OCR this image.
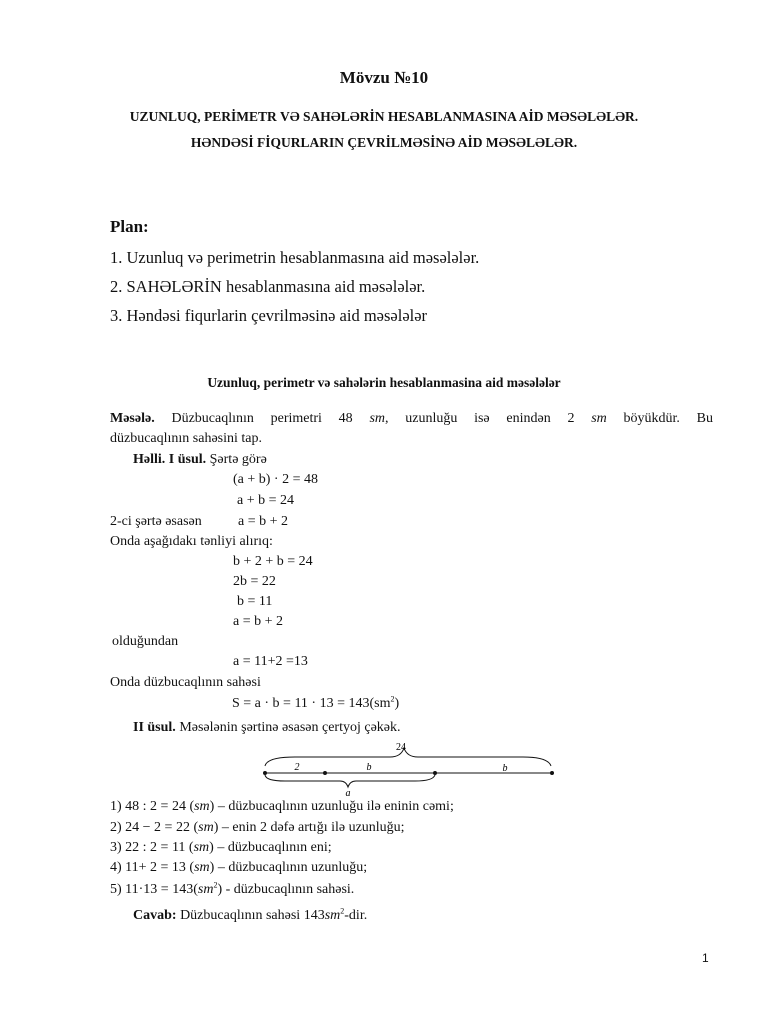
Mövzu №10
UZUNLUQ, PERİMETR VƏ SAHƏLƏRİN HESABLANMASINA AİD MƏSƏLƏLƏR.
HƏNDƏSİ FİQURLARIN ÇEVRİLMƏSİNƏ AİD MƏSƏLƏLƏR.
Plan:
1. Uzunluq və perimetrin hesablanmasına aid məsələlər.
2. SAHƏLƏRİN hesablanmasına aid məsələlər.
3. Həndəsi fiqurlarin çevrilməsinə aid məsələlər
Uzunluq, perimetr və sahələrin hesablanmasina aid məsələlər
Məsələ. Düzbucaqlının perimetri 48 sm, uzunluğu isə enindən 2 sm böyükdür. Bu
düzbucaqlının sahəsini tap.
Həlli. I üsul. Şərtə görə
(a + b) · 2 = 48
a + b = 24
2-ci şərtə əsasən	a = b + 2
Onda aşağıdakı tənliyi alırıq:
b + 2 + b = 24
2b = 22
b = 11
a = b + 2
olduğundan
a = 11+2 =13
Onda düzbucaqlının sahəsi
$S = a \cdot b = 11 \cdot 13 = 143(sm^2)$
II üsul. Məsələnin şərtinə əsasən çertyoj çəkək.
24
2	b	b
a
1) 48 : 2 = 24 (sm) – düzbucaqlının uzunluğu ilə eninin cəmi;
2) 24 − 2 = 22 (sm) – enin 2 dəfə artığı ilə uzunluğu;
3) 22 : 2 = 11 (sm) – düzbucaqlının eni;
4) 11+ 2 = 13 (sm) – düzbucaqlının uzunluğu;
5) $11\cdot 13 = 143(sm^2)$ - düzbucaqlının sahəsi.
Cavab: Düzbucaqlının sahəsi $143sm^2$-dir.
1
